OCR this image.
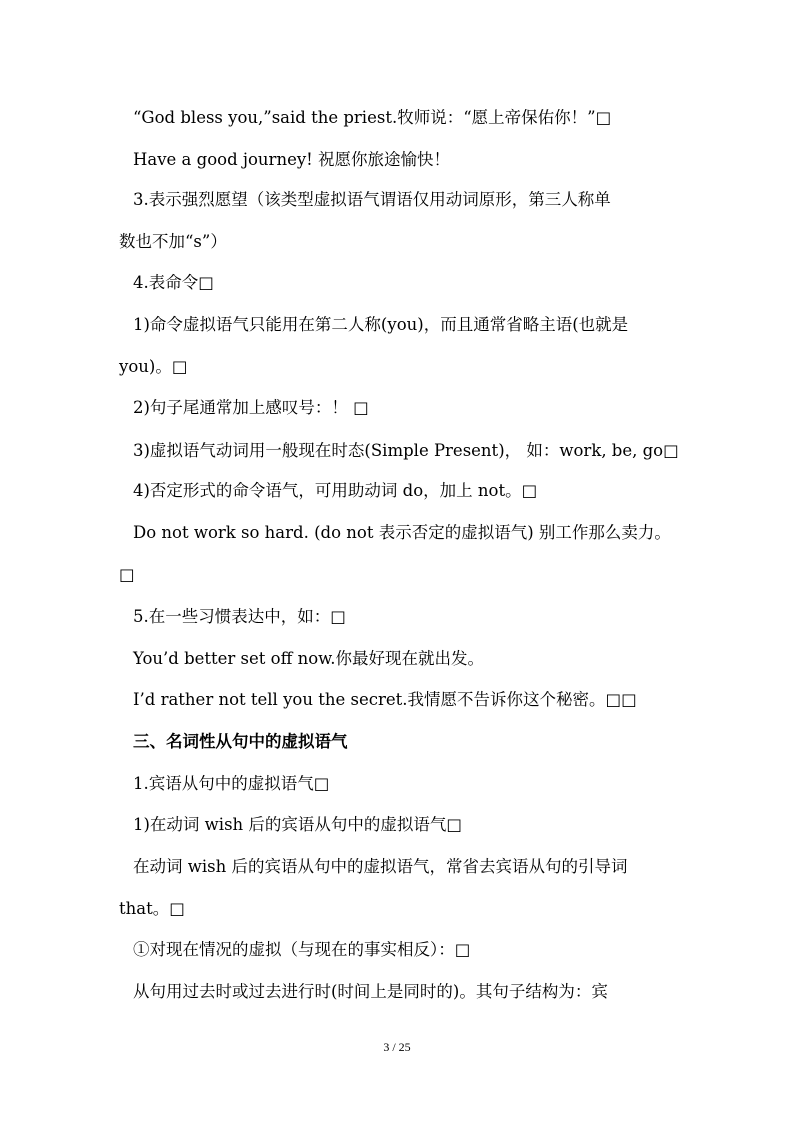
“God bless you,”said the priest.牧师说：“愿上帝保佑你！”□
Have a good journey! 祝愿你旅途愉快！
3.表示强烈愿望（该类型虚拟语气谓语仅用动词原形，第三人称单
数也不加“s”）
4.表命令□
1)命令虚拟语气只能用在第二人称(you)，而且通常省略主语(也就是
you)。□
2)句子尾通常加上感叹号：！ □
3)虚拟语气动词用一般现在时态(Simple Present)， 如：work, be, go□
4)否定形式的命令语气，可用助动词 do，加上 not。□
Do not work so hard. (do not 表示否定的虚拟语气) 别工作那么卖力。
□
5.在一些习惯表达中，如：□
You’d better set off now.你最好现在就出发。
I’d rather not tell you the secret.我情愿不告诉你这个秘密。□□
三、名词性从句中的虚拟语气
1.宾语从句中的虚拟语气□
1)在动词 wish 后的宾语从句中的虚拟语气□
在动词 wish 后的宾语从句中的虚拟语气，常省去宾语从句的引导词
that。□
①对现在情况的虚拟（与现在的事实相反）：□
从句用过去时或过去进行时(时间上是同时的)。其句子结构为：宾
3 / 25
